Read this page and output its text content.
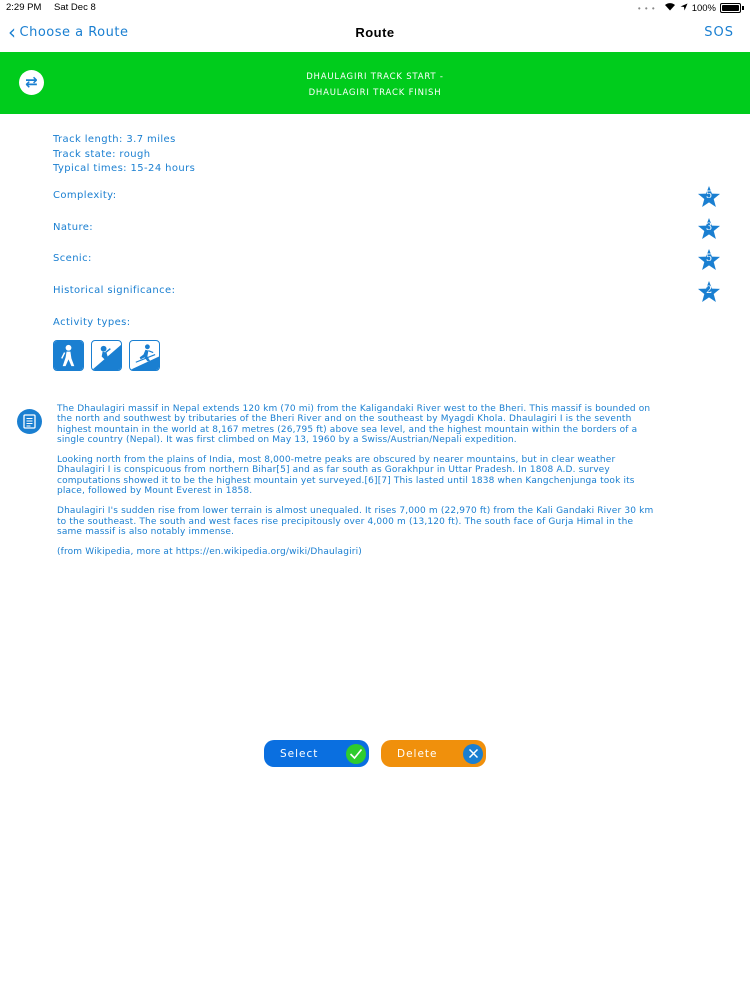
2:29 PM Sat Dec 8	• • •	100%
‹ Choose a Route	Route	SOS
⇄	DHAULAGIRI TRACK START -
DHAULAGIRI TRACK FINISH
Track length: 3.7 miles
Track state: rough
Typical times: 15-24 hours
Complexity:	5
Nature:	3
Scenic:	5
Historical significance:	2
Activity types:

The Dhaulagiri massif in Nepal extends 120 km (70 mi) from the Kaligandaki River west to the Bheri. This massif is bounded on the north and southwest by tributaries of the Bheri River and on the southeast by Myagdi Khola. Dhaulagiri I is the seventh highest mountain in the world at 8,167 metres (26,795 ft) above sea level, and the highest mountain within the borders of a single country (Nepal). It was first climbed on May 13, 1960 by a Swiss/Austrian/Nepali expedition.

Looking north from the plains of India, most 8,000-metre peaks are obscured by nearer mountains, but in clear weather Dhaulagiri I is conspicuous from northern Bihar[5] and as far south as Gorakhpur in Uttar Pradesh. In 1808 A.D. survey computations showed it to be the highest mountain yet surveyed.[6][7] This lasted until 1838 when Kangchenjunga took its place, followed by Mount Everest in 1858.

Dhaulagiri I's sudden rise from lower terrain is almost unequaled. It rises 7,000 m (22,970 ft) from the Kali Gandaki River 30 km to the southeast. The south and west faces rise precipitously over 4,000 m (13,120 ft). The south face of Gurja Himal in the same massif is also notably immense.

(from Wikipedia, more at https://en.wikipedia.org/wiki/Dhaulagiri)

Select	Delete
